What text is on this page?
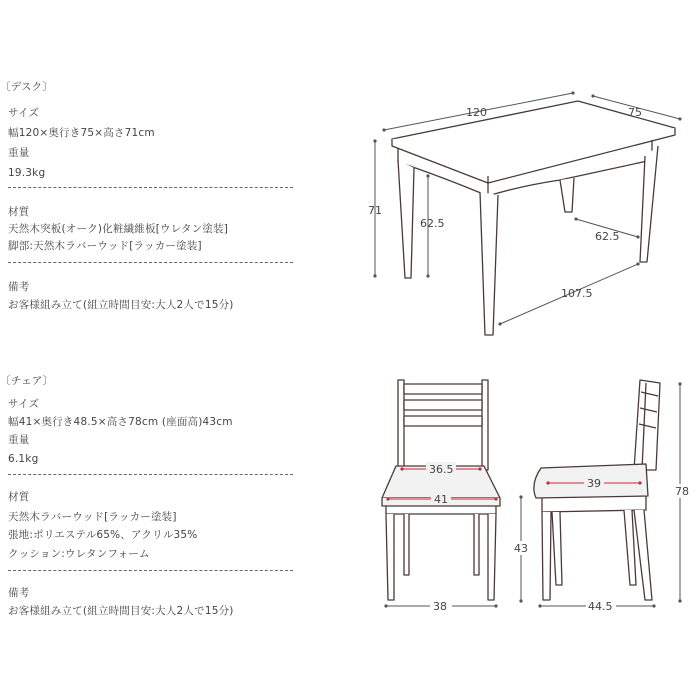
〔デスク〕
サイズ
幅120×奥行き75×高さ71cm
重量
19.3kg
材質
天然木突板(オーク)化粧繊維板[ウレタン塗装]
脚部:天然木ラバーウッド[ラッカー塗装]
備考
お客様組み立て(組立時間目安:大人2人で15分)
〔チェア〕
サイズ
幅41×奥行き48.5×高さ78cm (座面高)43cm
重量
6.1kg
材質
天然木ラバーウッド[ラッカー塗装]
張地:ポリエステル65%、アクリル35%
クッション:ウレタンフォーム
備考
お客様組み立て(組立時間目安:大人2人で15分)
120	75
71
62.5
62.5
107.5
36.5
41
38
39
44.5
43
78
